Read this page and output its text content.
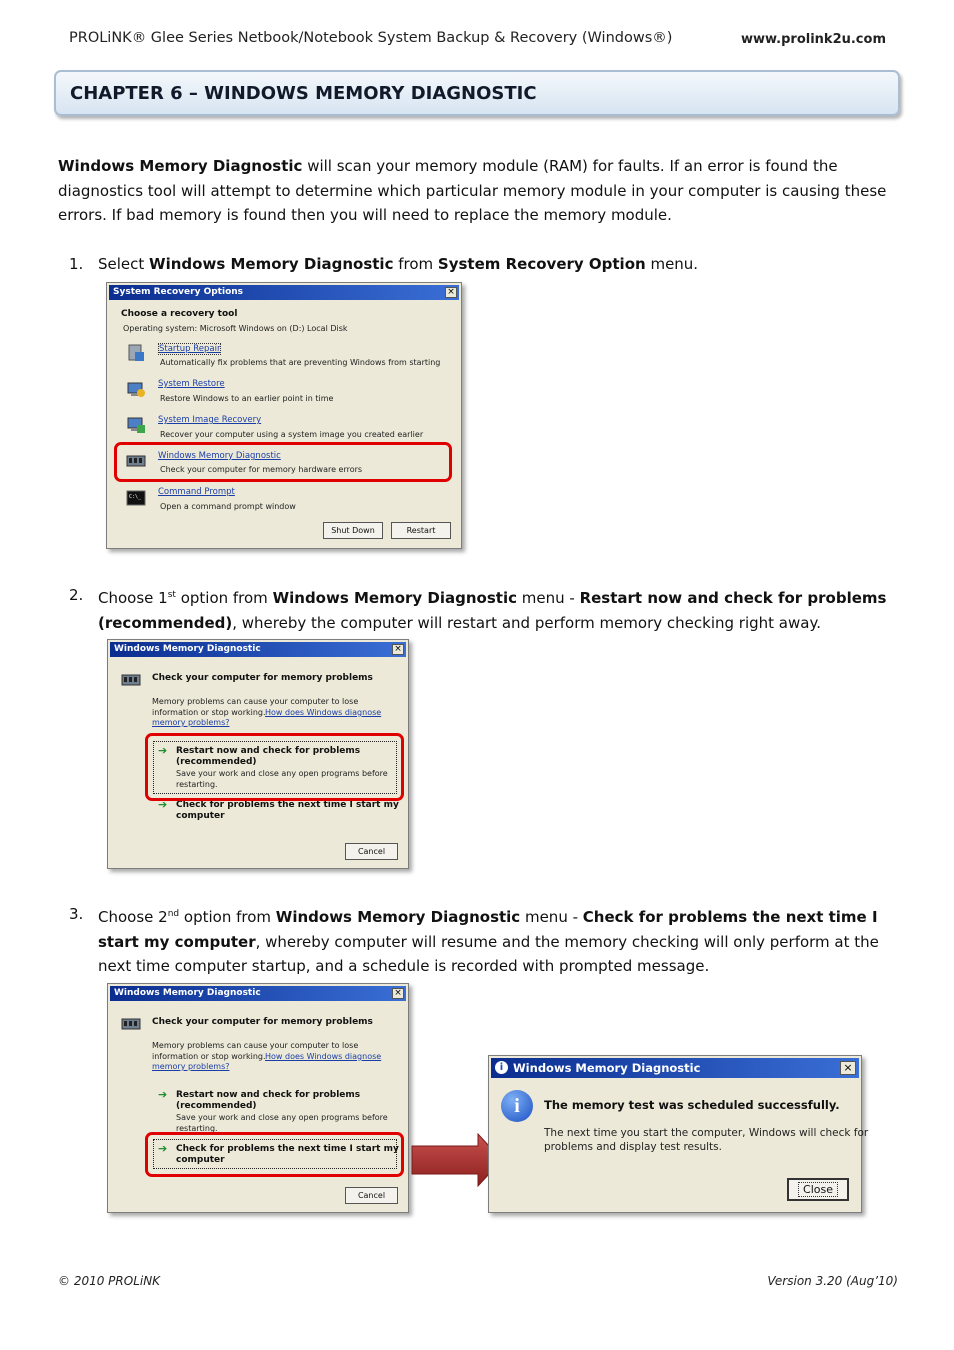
PROLiNK® Glee Series Netbook/Notebook System Backup & Recovery (Windows®)	www.prolink2u.com
CHAPTER 6 – WINDOWS MEMORY DIAGNOSTIC
Windows Memory Diagnostic will scan your memory module (RAM) for faults. If an error is found the diagnostics tool will attempt to determine which particular memory module in your computer is causing these errors. If bad memory is found then you will need to replace the memory module.
1. Select Windows Memory Diagnostic from System Recovery Option menu.
System Recovery Options	×
Choose a recovery tool
Operating system: Microsoft Windows on (D:) Local Disk
Startup Repair
Automatically fix problems that are preventing Windows from starting
System Restore
Restore Windows to an earlier point in time
System Image Recovery
Recover your computer using a system image you created earlier
Windows Memory Diagnostic
Check your computer for memory hardware errors
C:\_ Command Prompt
Open a command prompt window
Shut Down	Restart
2. Choose 1st option from Windows Memory Diagnostic menu - Restart now and check for problems (recommended), whereby the computer will restart and perform memory checking right away.
Windows Memory Diagnostic	×
Check your computer for memory problems
Memory problems can cause your computer to lose
information or stop working. How does Windows diagnose
memory problems?
➔ Restart now and check for problems
(recommended)
Save your work and close any open programs before
restarting.
➔ Check for problems the next time I start my
computer
Cancel
3. Choose 2nd option from Windows Memory Diagnostic menu - Check for problems the next time I start my computer, whereby computer will resume and the memory checking will only perform at the next time computer startup, and a schedule is recorded with prompted message.
Windows Memory Diagnostic	×
Check your computer for memory problems
Memory problems can cause your computer to lose
information or stop working. How does Windows diagnose
memory problems?
➔ Restart now and check for problems
(recommended)
Save your work and close any open programs before
restarting.
➔ Check for problems the next time I start my
computer
Cancel
i Windows Memory Diagnostic	×
i	The memory test was scheduled successfully.
The next time you start the computer, Windows will check for
problems and display test results.
Close
© 2010 PROLiNK	Version 3.20 (Aug’10)
